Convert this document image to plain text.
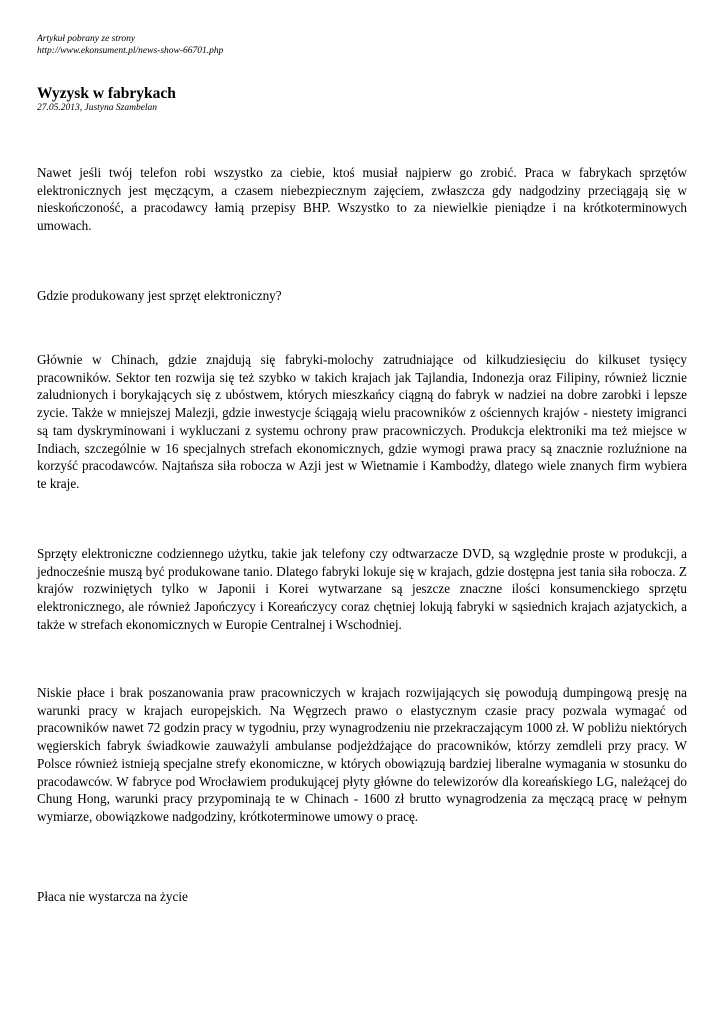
Artykuł pobrany ze strony
http://www.ekonsument.pl/news-show-66701.php
Wyzysk w fabrykach
27.05.2013, Justyna Szambelan

Nawet jeśli twój telefon robi wszystko za ciebie, ktoś musiał najpierw go zrobić. Praca w fabrykach sprzętów elektronicznych jest męczącym, a czasem niebezpiecznym zajęciem, zwłaszcza gdy nadgodziny przeciągają się w nieskończoność, a pracodawcy łamią przepisy BHP. Wszystko to za niewielkie pieniądze i na krótkoterminowych umowach.

Gdzie produkowany jest sprzęt elektroniczny?

Głównie w Chinach, gdzie znajdują się fabryki-molochy zatrudniające od kilkudziesięciu do kilkuset tysięcy pracowników. Sektor ten rozwija się też szybko w takich krajach jak Tajlandia, Indonezja oraz Filipiny, również licznie zaludnionych i borykających się z ubóstwem, których mieszkańcy ciągną do fabryk w nadziei na dobre zarobki i lepsze zycie. Także w mniejszej Malezji, gdzie inwestycje ściągają wielu pracowników z ościennych krajów - niestety imigranci są tam dyskryminowani i wykluczani z systemu ochrony praw pracowniczych. Produkcja elektroniki ma też miejsce w Indiach, szczególnie w 16 specjalnych strefach ekonomicznych, gdzie wymogi prawa pracy są znacznie rozluźnione na korzyść pracodawców. Najtańsza siła robocza w Azji jest w Wietnamie i Kambodży, dlatego wiele znanych firm wybiera te kraje.

Sprzęty elektroniczne codziennego użytku, takie jak telefony czy odtwarzacze DVD, są względnie proste w produkcji, a jednocześnie muszą być produkowane tanio. Dlatego fabryki lokuje się w krajach, gdzie dostępna jest tania siła robocza. Z krajów rozwiniętych tylko w Japonii i Korei wytwarzane są jeszcze znaczne ilości konsumenckiego sprzętu elektronicznego, ale również Japończycy i Koreańczycy coraz chętniej lokują fabryki w sąsiednich krajach azjatyckich, a także w strefach ekonomicznych w Europie Centralnej i Wschodniej.

Niskie płace i brak poszanowania praw pracowniczych w krajach rozwijających się powodują dumpingową presję na warunki pracy w krajach europejskich. Na Węgrzech prawo o elastycznym czasie pracy pozwala wymagać od pracowników nawet 72 godzin pracy w tygodniu, przy wynagrodzeniu nie przekraczającym 1000 zł. W pobliżu niektórych węgierskich fabryk świadkowie zauważyli ambulanse podjeżdżające do pracowników, którzy zemdleli przy pracy. W Polsce również istnieją specjalne strefy ekonomiczne, w których obowiązują bardziej liberalne wymagania w stosunku do pracodawców. W fabryce pod Wrocławiem produkującej płyty główne do telewizorów dla koreańskiego LG, należącej do Chung Hong, warunki pracy przypominają te w Chinach - 1600 zł brutto wynagrodzenia za męczącą pracę w pełnym wymiarze, obowiązkowe nadgodziny, krótkoterminowe umowy o pracę.

Płaca nie wystarcza na życie
